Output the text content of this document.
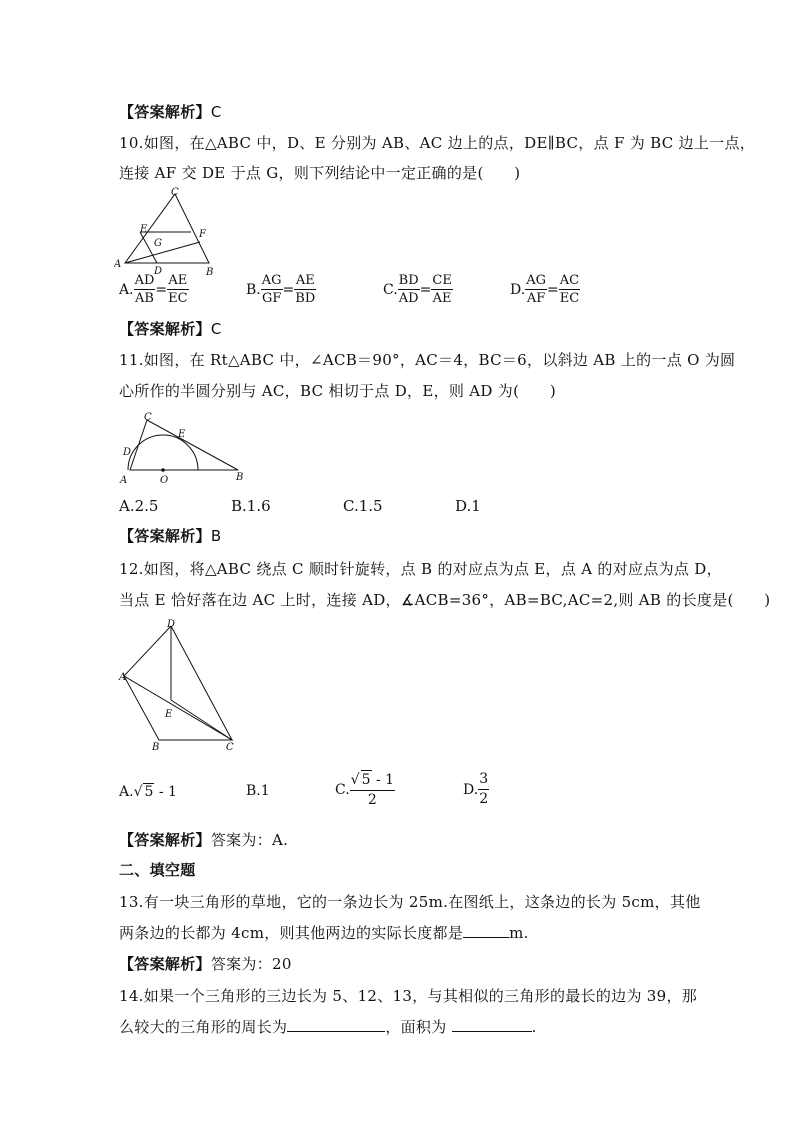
【答案解析】C
10.如图，在△ABC 中，D、E 分别为 AB、AC 边上的点，DE∥BC，点 F 为 BC 边上一点，
连接 AF 交 DE 于点 G，则下列结论中一定正确的是(　　)
A
B
C
D
E	F
G
A. $\frac{AD}{AB} = \frac{AE}{EC}$	B. $\frac{AG}{GF} = \frac{AE}{BD}$	C. $\frac{BD}{AD} = \frac{CE}{AE}$	D. $\frac{AG}{AF} = \frac{AC}{EC}$
【答案解析】C
11.如图，在 Rt△ABC 中，∠ACB＝90°，AC＝4，BC＝6，以斜边 AB 上的一点 O 为圆
心所作的半圆分别与 AC，BC 相切于点 D，E，则 AD 为(　　)
A	B
C
D
E
O
A.2.5	B.1.6	C.1.5	D.1
【答案解析】B
12.如图，将△ABC 绕点 C 顺时针旋转，点 B 的对应点为点 E，点 A 的对应点为点 D，
当点 E 恰好落在边 AC 上时，连接 AD，∡ACB=36°，AB=BC,AC=2,则 AB 的长度是(　　)
A
B	C
D
E
A.√ 5 - 1	B.1	C. $\frac{√ 5 - 1}{2}$	D. $\frac{3}{2}$
【答案解析】答案为：A.
二、填空题
13.有一块三角形的草地，它的一条边长为 25m.在图纸上，这条边的长为 5cm，其他
两条边的长都为 4cm，则其他两边的实际长度都是	m.
【答案解析】答案为：20
14.如果一个三角形的三边长为 5、12、13，与其相似的三角形的最长的边为 39，那
么较大的三角形的周长为	，面积为	.
